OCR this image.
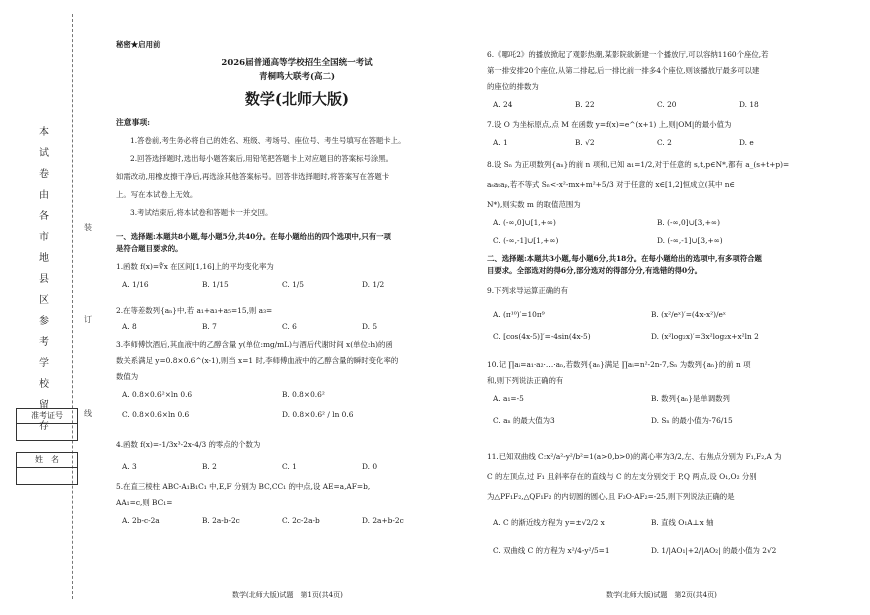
本
试
卷
由
各
市
地
县
区
参
考
学
校
留
存
装
订
线
准考证号
姓　名
秘密★启用前
2026届普通高等学校招生全国统一考试
青桐鸣大联考(高二)
数学(北师大版)
注意事项:
1.答卷前,考生务必将自己的姓名、班级、考场号、座位号、考生号填写在答题卡上。
2.回答选择题时,选出每小题答案后,用铅笔把答题卡上对应题目的答案标号涂黑。
如需改动,用橡皮擦干净后,再选涂其他答案标号。回答非选择题时,将答案写在答题卡
上。写在本试卷上无效。
3.考试结束后,将本试卷和答题卡一并交回。
一、选择题:本题共8小题,每小题5分,共40分。在每小题给出的四个选项中,只有一项
是符合题目要求的。
1.函数 f(x)=∜x 在区间[1,16]上的平均变化率为
A. 1/16	B. 1/15	C. 1/5	D. 1/2
2.在等差数列{aₙ}中,若 a₁+a₃+a₅=15,则 a₃=
A. 8	B. 7	C. 6	D. 5
3.李师傅饮酒后,其血液中的乙醇含量 y(单位:mg/mL)与酒后代谢时间 x(单位:h)的函
数关系满足 y=0.8×0.6^(x-1),则当 x=1 时,李师傅血液中的乙醇含量的瞬时变化率的
数值为
A. 0.8×0.6²×ln 0.6	B. 0.8×0.6²
C. 0.8×0.6×ln 0.6	D. 0.8×0.6² / ln 0.6
4.函数 f(x)=-1/3x³-2x-4/3 的零点的个数为
A. 3	B. 2	C. 1	D. 0
5.在直三棱柱 ABC-A₁B₁C₁ 中,E,F 分别为 BC,CC₁ 的中点,设 AE=a,AF=b,
AA₁=c,则 BC₁=
A. 2b-c-2a	B. 2a-b-2c	C. 2c-2a-b	D. 2a+b-2c
数学(北师大版)试题　第1页(共4页)
6.《哪吒2》的播放掀起了观影热潮,某影院欲新建一个播放厅,可以容纳1160个座位,若
第一排安排20个座位,从第二排起,后一排比前一排多4个座位,则该播放厅最多可以建
的座位的排数为
A. 24	B. 22	C. 20	D. 18
7.设 O 为坐标原点,点 M 在函数 y=f(x)=e^(x+1) 上,则|OM|的最小值为
A. 1	B. √2	C. 2	D. e
8.设 Sₙ 为正项数列{aₙ}的前 n 项和,已知 a₁=1/2,对于任意的 s,t,p∈N*,都有 a_(s+t+p)=
aₛaₜaₚ,若不等式 Sₙ<-x²-mx+m²+5/3 对于任意的 x∈[1,2]恒成立(其中 n∈
N*),则实数 m 的取值范围为
A. (-∞,0]∪[1,+∞)	B. (-∞,0]∪[3,+∞)
C. (-∞,-1]∪[1,+∞)	D. (-∞,-1]∪[3,+∞)
二、选择题:本题共3小题,每小题6分,共18分。在每小题给出的选项中,有多项符合题
目要求。全部选对的得6分,部分选对的得部分分,有选错的得0分。
9.下列求导运算正确的有
A. (π¹⁰)′=10π⁹	B. (x²/eˣ)′=(4x-x²)/eˣ
C. [cos(4x-5)]′=-4sin(4x-5)	D. (x²log₂x)′=3x²log₂x+x²ln 2
10.记 ∏aᵢ=a₁·a₂·…·aₙ,若数列{aₙ}满足 ∏aᵢ=n²-2n-7,Sₙ 为数列{aₙ}的前 n 项
和,则下列说法正确的有
A. a₁=-5	B. 数列{aₙ}是单调数列
C. aₙ 的最大值为3	D. Sₙ 的最小值为-76/15
11.已知双曲线 C:x²/a²-y²/b²=1(a>0,b>0)的离心率为3/2,左、右焦点分别为 F₁,F₂,A 为
C 的左顶点,过 F₁ 且斜率存在的直线与 C 的左支分别交于 P,Q 两点,设 O₁,O₂ 分别
为△PF₁F₂,△QF₁F₂ 的内切圆的圆心,且 F₂O·AF₂=-25,则下列说法正确的是
A. C 的渐近线方程为 y=±√2/2 x	B. 直线 O₁A⊥x 轴
C. 双曲线 C 的方程为 x²/4-y²/5=1	D. 1/|AO₁|+2/|AO₂| 的最小值为 2√2
数学(北师大版)试题　第2页(共4页)
